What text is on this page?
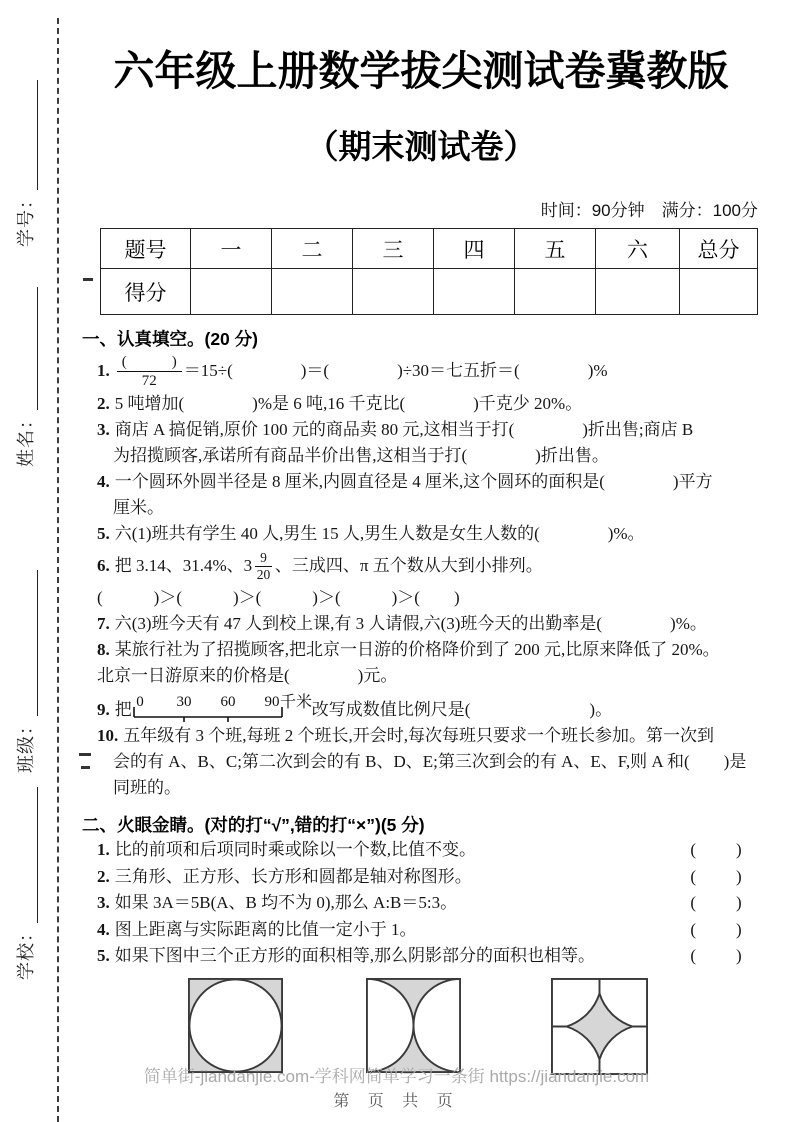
学号：
姓名：
班级：
学校：
六年级上册数学拔尖测试卷冀教版
（期末测试卷）
时间：90分钟　满分：100分
题号	一	二	三	四	五	六	总分
得分							
一、认真填空。(20 分)
1. $\frac{( )}{72} =15\div$(　　　　)＝(　　　　)÷30＝七五折＝(　　　　)%
2. 5 吨增加(　　　　)%是 6 吨,16 千克比(　　　　)千克少 20%。
3. 商店 A 搞促销,原价 100 元的商品卖 80 元,这相当于打(　　　　)折出售;商店 B
为招揽顾客,承诺所有商品半价出售,这相当于打(　　　　)折出售。
4. 一个圆环外圆半径是 8 厘米,内圆直径是 4 厘米,这个圆环的面积是(　　　　)平方
厘米。
5. 六(1)班共有学生 40 人,男生 15 人,男生人数是女生人数的(　　　　)%。
6. 把 3.14、31.4%、$3 \frac{9}{20}$ 、三成四、π 五个数从大到小排列。
(　　　)＞(　　　)＞(　　　)＞(　　　)＞(　　)
7. 六(3)班今天有 47 人到校上课,有 3 人请假,六(3)班今天的出勤率是(　　　　)%。
8. 某旅行社为了招揽顾客,把北京一日游的价格降价到了 200 元,比原来降低了 20%。
北京一日游原来的价格是(　　　　)元。
9. 把 0 30 60 90 千米 改写成数值比例尺是(　　　　　　　)。
10. 五年级有 3 个班,每班 2 个班长,开会时,每次每班只要求一个班长参加。第一次到
会的有 A、B、C;第二次到会的有 B、D、E;第三次到会的有 A、E、F,则 A 和(　　)是
同班的。
二、火眼金睛。(对的打“√”,错的打“×”)(5 分)
1. 比的前项和后项同时乘或除以一个数,比值不变。	(　　)
2. 三角形、正方形、长方形和圆都是轴对称图形。	(　　)
3. 如果 3A＝5B(A、B 均不为 0),那么 A:B＝5:3。	(　　)
4. 图上距离与实际距离的比值一定小于 1。	(　　)
5. 如果下图中三个正方形的面积相等,那么阴影部分的面积也相等。	(　　)
简单街-jiandanjie.com-学科网简单学习一条街 https://jiandanjie.com
第 页 共 页
